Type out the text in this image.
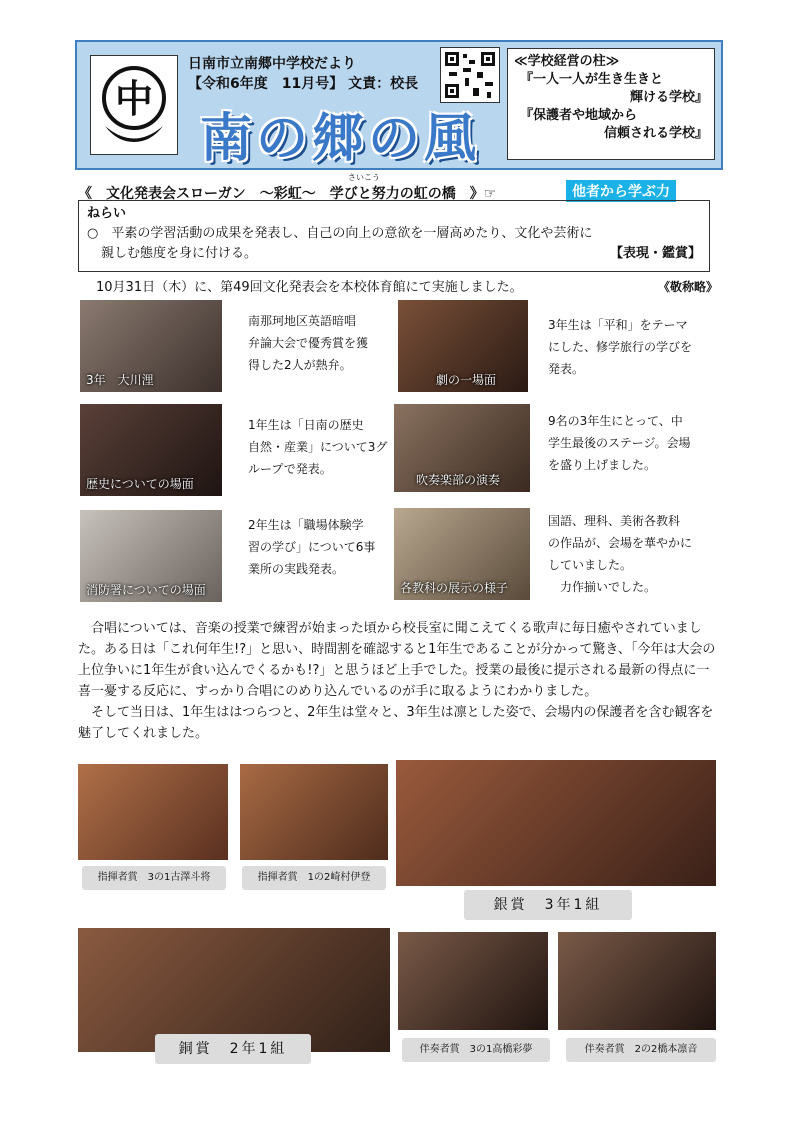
中
日南市立南郷中学校だより
【令和6年度　11月号】 文責：校長
南の郷の風
≪学校経営の柱≫
『一人一人が生き生きと
輝ける学校』
『保護者や地域から
信頼される学校』
さいこう
《　文化発表会スローガン　～彩虹～　学びと努力の虹の橋　》☞	他者から学ぶ力
ねらい
○　平素の学習活動の成果を発表し、自己の向上の意欲を一層高めたり、文化や芸術に
親しむ態度を身に付ける。	【表現・鑑賞】
10月31日（木）に、第49回文化発表会を本校体育館にて実施しました。	《敬称略》
3年　大川浬
南那珂地区英語暗唱
弁論大会で優秀賞を獲
得した2人が熱弁。
劇の一場面
3年生は「平和」をテーマ
にした、修学旅行の学びを
発表。
歴史についての場面
1年生は「日南の歴史
自然・産業」について3グ
ループで発表。
吹奏楽部の演奏
9名の3年生にとって、中
学生最後のステージ。会場
を盛り上げました。
消防署についての場面
2年生は「職場体験学
習の学び」について6事
業所の実践発表。
各教科の展示の様子
国語、理科、美術各教科
の作品が、会場を華やかに
していました。
力作揃いでした。

合唱については、音楽の授業で練習が始まった頃から校長室に聞こえてくる歌声に毎日癒やされていました。ある日は「これ何年生!?」と思い、時間割を確認すると1年生であることが分かって驚き、「今年は大会の上位争いに1年生が食い込んでくるかも!?」と思うほど上手でした。授業の最後に提示される最新の得点に一喜一憂する反応に、すっかり合唱にのめり込んでいるのが手に取るようにわかりました。

そして当日は、1年生ははつらつと、2年生は堂々と、3年生は凛とした姿で、会場内の保護者を含む観客を魅了してくれました。

指揮者賞　3の1古澤斗将	指揮者賞　1の2崎村伊登
銀賞　3年1組
銅賞　2年1組	伴奏者賞　3の1高橋彩夢	伴奏者賞　2の2橋本凛音
